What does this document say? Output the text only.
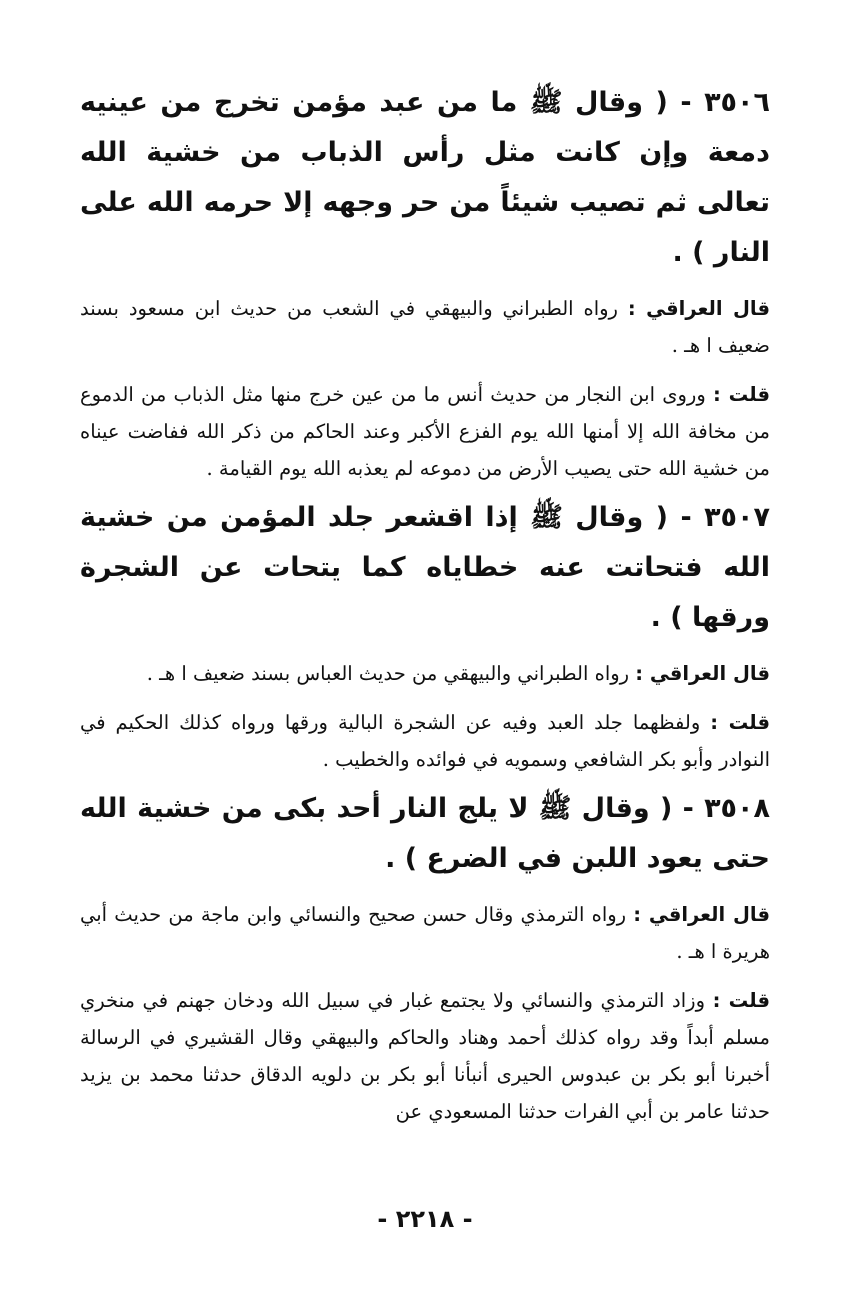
٣٥٠٦ - ( وقال ﷺ ما من عبد مؤمن تخرج من عينيه دمعة وإن كانت مثل رأس الذباب من خشية الله تعالى ثم تصيب شيئاً من حر وجهه إلا حرمه الله على النار ) .

قال العراقي : رواه الطبراني والبيهقي في الشعب من حديث ابن مسعود بسند ضعيف ا هـ .

قلت : وروى ابن النجار من حديث أنس ما من عين خرج منها مثل الذباب من الدموع من مخافة الله إلا أمنها الله يوم الفزع الأكبر وعند الحاكم من ذكر الله ففاضت عيناه من خشية الله حتى يصيب الأرض من دموعه لم يعذبه الله يوم القيامة .

٣٥٠٧ - ( وقال ﷺ إذا اقشعر جلد المؤمن من خشية الله فتحاتت عنه خطاياه كما يتحات عن الشجرة ورقها ) .

قال العراقي : رواه الطبراني والبيهقي من حديث العباس بسند ضعيف ا هـ .

قلت : ولفظهما جلد العبد وفيه عن الشجرة البالية ورقها ورواه كذلك الحكيم في النوادر وأبو بكر الشافعي وسمويه في فوائده والخطيب .

٣٥٠٨ - ( وقال ﷺ لا يلج النار أحد بكى من خشية الله حتى يعود اللبن في الضرع ) .

قال العراقي : رواه الترمذي وقال حسن صحيح والنسائي وابن ماجة من حديث أبي هريرة ا هـ .

قلت : وزاد الترمذي والنسائي ولا يجتمع غبار في سبيل الله ودخان جهنم في منخري مسلم أبداً وقد رواه كذلك أحمد وهناد والحاكم والبيهقي وقال القشيري في الرسالة أخبرنا أبو بكر بن عبدوس الحيرى أنبأنا أبو بكر بن دلويه الدقاق حدثنا محمد بن يزيد حدثنا عامر بن أبي الفرات حدثنا المسعودي عن

- ٢٢١٨ -
